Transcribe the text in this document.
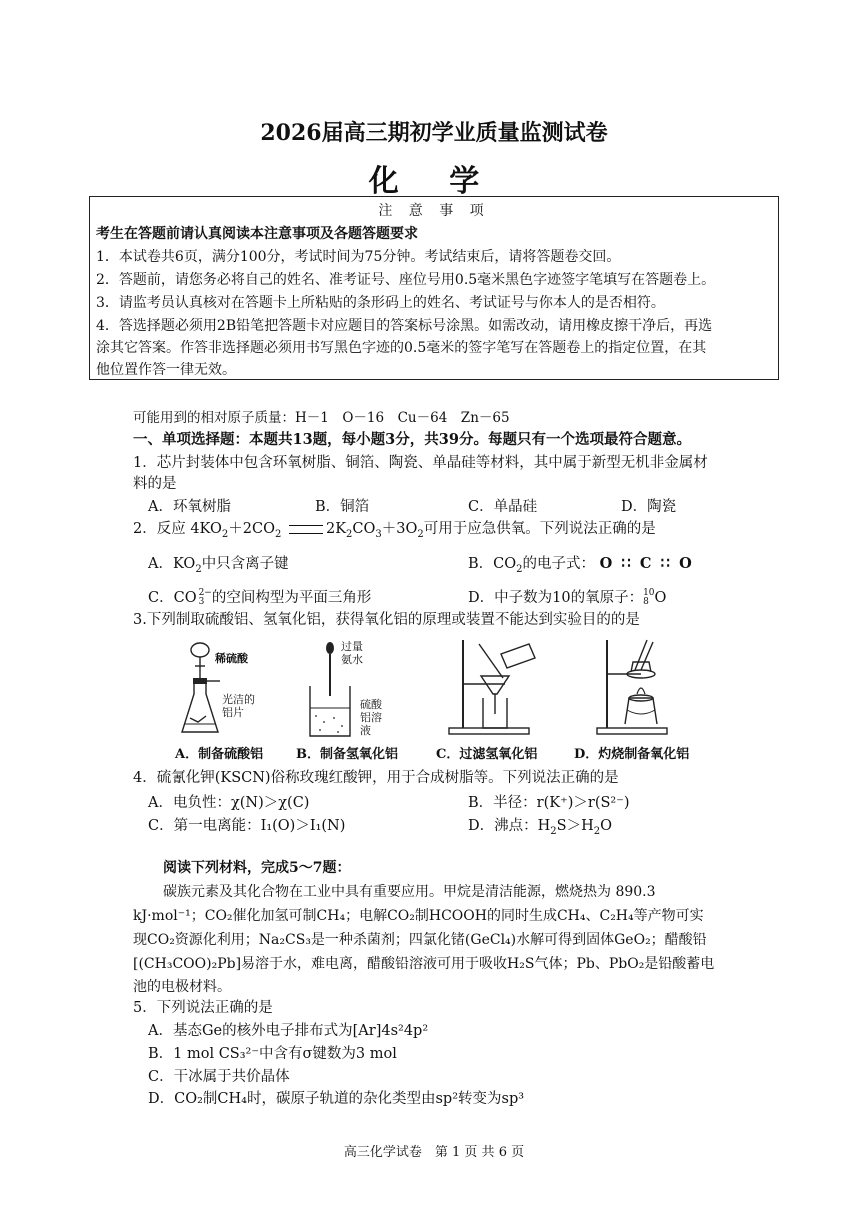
2026届高三期初学业质量监测试卷
化 学
注 意 事 项
考生在答题前请认真阅读本注意事项及各题答题要求
1．本试卷共6页，满分100分，考试时间为75分钟。考试结束后，请将答题卷交回。
2．答题前，请您务必将自己的姓名、准考证号、座位号用0.5毫米黑色字迹签字笔填写在答题卷上。
3．请监考员认真核对在答题卡上所粘贴的条形码上的姓名、考试证号与你本人的是否相符。
4．答选择题必须用2B铅笔把答题卡对应题目的答案标号涂黑。如需改动，请用橡皮擦干净后，再选
涂其它答案。作答非选择题必须用书写黑色字迹的0.5毫米的签字笔写在答题卷上的指定位置，在其
他位置作答一律无效。
可能用到的相对原子质量：H－1　O－16　Cu－64　Zn－65
一、单项选择题：本题共13题，每小题3分，共39分。每题只有一个选项最符合题意。
1．芯片封装体中包含环氧树脂、铜箔、陶瓷、单晶硅等材料，其中属于新型无机非金属材
料的是
A．环氧树脂	B．铜箔	C．单晶硅	D．陶瓷
2．反应 $4KO_2+2CO_2$	$2K_2CO_3+3O_2$可用于应急供氧。下列说法正确的是
A．$KO_2$中只含离子键	B．$CO_2$的电子式： O ∶∶ C ∶∶ O
C．CO 2−
3 的空间构型为平面三角形	D．中子数为10的氧原子： 10
8 O
3.下列制取硫酸铝、氢氧化铝，获得氧化铝的原理或装置不能达到实验目的的是
稀硫酸
光洁的铝片
过量氨水
硫酸铝溶液
A．制备硫酸铝	B．制备氢氧化铝	C．过滤氢氧化铝	D．灼烧制备氧化铝
4．硫氰化钾(KSCN)俗称玫瑰红酸钾，用于合成树脂等。下列说法正确的是
A．电负性：χ(N)＞χ(C)	B．半径：r(K⁺)＞r(S²⁻)
C．第一电离能：I₁(O)＞I₁(N)	D．沸点：$H_2S>H_2O$
阅读下列材料，完成5～7题：
碳族元素及其化合物在工业中具有重要应用。甲烷是清洁能源，燃烧热为 890.3
kJ·mol⁻¹；CO₂催化加氢可制CH₄；电解CO₂制HCOOH的同时生成CH₄、C₂H₄等产物可实
现CO₂资源化利用；Na₂CS₃是一种杀菌剂；四氯化锗(GeCl₄)水解可得到固体GeO₂；醋酸铅
[(CH₃COO)₂Pb]易溶于水，难电离，醋酸铅溶液可用于吸收H₂S气体；Pb、PbO₂是铅酸蓄电
池的电极材料。
5．下列说法正确的是
A．基态Ge的核外电子排布式为[Ar]4s²4p²
B．1 mol CS₃²⁻中含有σ键数为3 mol
C．干冰属于共价晶体
D．CO₂制CH₄时，碳原子轨道的杂化类型由sp²转变为sp³
高三化学试卷　第 1 页 共 6 页
